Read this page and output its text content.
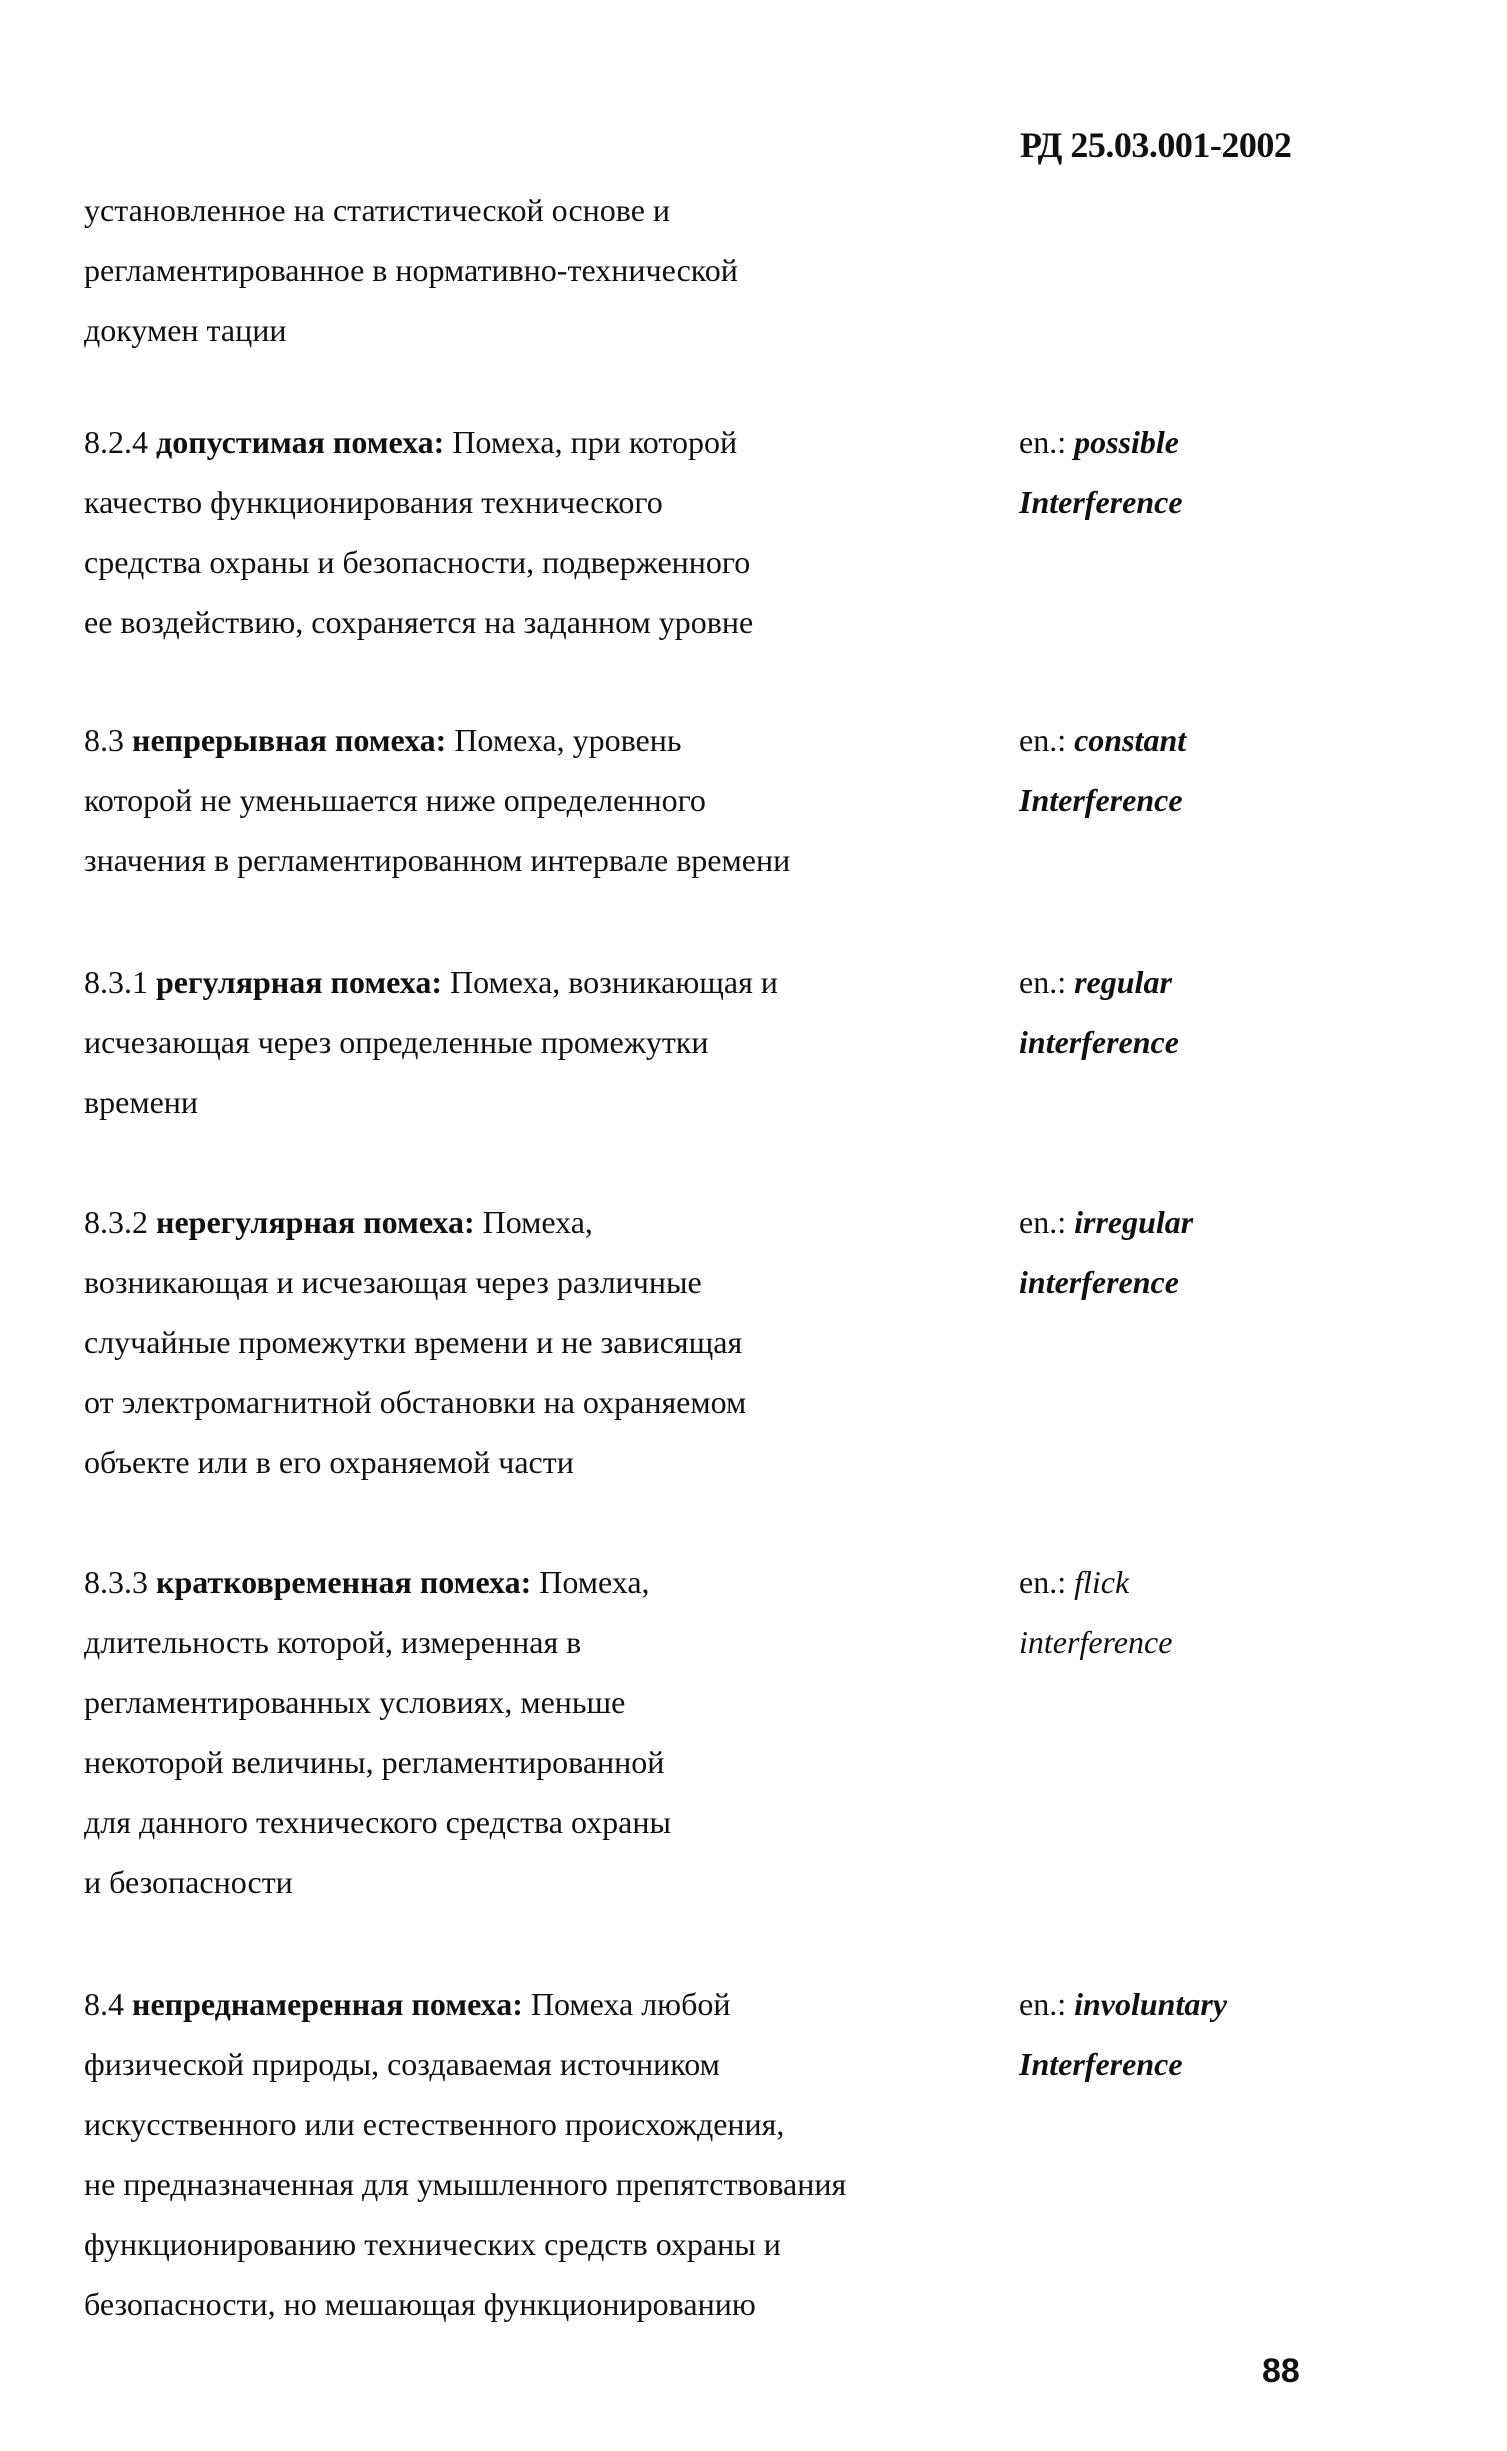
РД 25.03.001-2002
установленное на статистической основе и
регламентированное в нормативно-технической
докумен тации
8.2.4 допустимая помеха: Помеха, при которой
качество функционирования технического
средства охраны и безопасности, подверженного
ее воздействию, сохраняется на заданном уровне
en.: possible
Interference
8.3 непрерывная помеха: Помеха, уровень
которой не уменьшается ниже определенного
значения в регламентированном интервале времени
en.: constant
Interference
8.3.1 регулярная помеха: Помеха, возникающая и
исчезающая через определенные промежутки
времени
en.: regular
interference
8.3.2 нерегулярная помеха: Помеха,
возникающая и исчезающая через различные
случайные промежутки времени и не зависящая
от электромагнитной обстановки на охраняемом
объекте или в его охраняемой части
en.: irregular
interference
8.3.3 кратковременная помеха: Помеха,
длительность которой, измеренная в
регламентированных условиях, меньше
некоторой величины, регламентированной
для данного технического средства охраны
и безопасности
en.: flick
interference
8.4 непреднамеренная помеха: Помеха любой
физической природы, создаваемая источником
искусственного или естественного происхождения,
не предназначенная для умышленного препятствования
функционированию технических средств охраны и
безопасности, но мешающая функционированию
en.: involuntary
Interference
88
